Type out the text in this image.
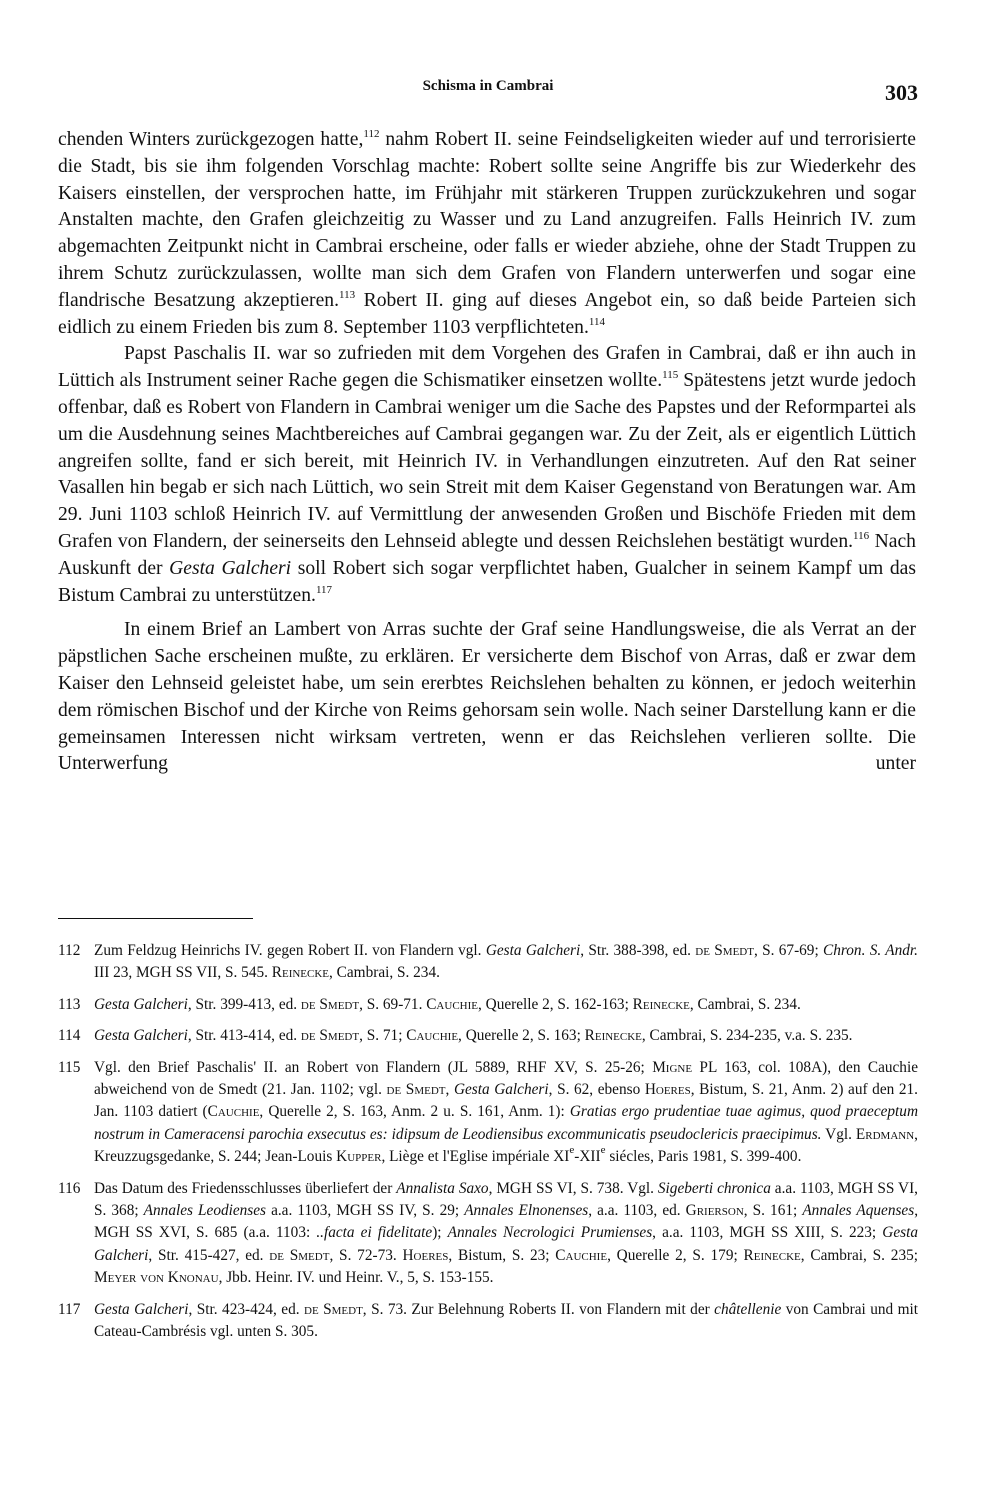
Schisma in Cambrai	303

chenden Winters zurückgezogen hatte,$^{112}$ nahm Robert II. seine Feindseligkeiten wieder auf und terrorisierte die Stadt, bis sie ihm folgenden Vorschlag machte: Robert sollte seine Angriffe bis zur Wiederkehr des Kaisers einstellen, der versprochen hatte, im Frühjahr mit stärkeren Truppen zurückzukehren und sogar Anstalten machte, den Grafen gleichzeitig zu Wasser und zu Land anzugreifen. Falls Heinrich IV. zum abgemachten Zeitpunkt nicht in Cambrai erscheine, oder falls er wieder abziehe, ohne der Stadt Truppen zu ihrem Schutz zurückzulassen, wollte man sich dem Grafen von Flandern unterwerfen und sogar eine flandrische Besatzung akzeptieren.$^{113}$ Robert II. ging auf dieses Angebot ein, so daß beide Parteien sich eidlich zu einem Frieden bis zum 8. September 1103 verpflichteten.$^{114}$

Papst Paschalis II. war so zufrieden mit dem Vorgehen des Grafen in Cambrai, daß er ihn auch in Lüttich als Instrument seiner Rache gegen die Schismatiker einsetzen wollte.$^{115}$ Spätestens jetzt wurde jedoch offenbar, daß es Robert von Flandern in Cambrai weniger um die Sache des Papstes und der Reformpartei als um die Ausdehnung seines Machtbereiches auf Cambrai gegangen war. Zu der Zeit, als er eigentlich Lüttich angreifen sollte, fand er sich bereit, mit Heinrich IV. in Verhandlungen einzutreten. Auf den Rat seiner Vasallen hin begab er sich nach Lüttich, wo sein Streit mit dem Kaiser Gegenstand von Beratungen war. Am 29. Juni 1103 schloß Heinrich IV. auf Vermittlung der anwesenden Großen und Bischöfe Frieden mit dem Grafen von Flandern, der seinerseits den Lehnseid ablegte und dessen Reichslehen bestätigt wurden.$^{116}$ Nach Auskunft der Gesta Galcheri soll Robert sich sogar verpflichtet haben, Gualcher in seinem Kampf um das Bistum Cambrai zu unterstützen.$^{117}$

In einem Brief an Lambert von Arras suchte der Graf seine Handlungsweise, die als Verrat an der päpstlichen Sache erscheinen mußte, zu erklären. Er versicherte dem Bischof von Arras, daß er zwar dem Kaiser den Lehnseid geleistet habe, um sein ererbtes Reichslehen behalten zu können, er jedoch weiterhin dem römischen Bischof und der Kirche von Reims gehorsam sein wolle. Nach seiner Darstellung kann er die gemeinsamen Interessen nicht wirksam vertreten, wenn er das Reichslehen verlieren sollte. Die Unterwerfung unter

112 Zum Feldzug Heinrichs IV. gegen Robert II. von Flandern vgl. Gesta Galcheri, Str. 388-398, ed. de Smedt, S. 67-69; Chron. S. Andr. III 23, MGH SS VII, S. 545. Reinecke, Cambrai, S. 234.
113 Gesta Galcheri, Str. 399-413, ed. de Smedt, S. 69-71. Cauchie, Querelle 2, S. 162-163; Reinecke, Cambrai, S. 234.
114 Gesta Galcheri, Str. 413-414, ed. de Smedt, S. 71; Cauchie, Querelle 2, S. 163; Reinecke, Cambrai, S. 234-235, v.a. S. 235.
115 Vgl. den Brief Paschalis' II. an Robert von Flandern (JL 5889, RHF XV, S. 25-26; Migne PL 163, col. 108A), den Cauchie abweichend von de Smedt (21. Jan. 1102; vgl. de Smedt, Gesta Galcheri, S. 62, ebenso Hoeres, Bistum, S. 21, Anm. 2) auf den 21. Jan. 1103 datiert (Cauchie, Querelle 2, S. 163, Anm. 2 u. S. 161, Anm. 1): Gratias ergo prudentiae tuae agimus, quod praeceptum nostrum in Cameracensi parochia exsecutus es: idipsum de Leodiensibus excommunicatis pseudoclericis praecipimus. Vgl. Erdmann, Kreuzzugsgedanke, S. 244; Jean-Louis Kupper, Liège et l'Eglise impériale XIe-XIIe siécles, Paris 1981, S. 399-400.
116 Das Datum des Friedensschlusses überliefert der Annalista Saxo, MGH SS VI, S. 738. Vgl. Sigeberti chronica a.a. 1103, MGH SS VI, S. 368; Annales Leodienses a.a. 1103, MGH SS IV, S. 29; Annales Elnonenses, a.a. 1103, ed. Grierson, S. 161; Annales Aquenses, MGH SS XVI, S. 685 (a.a. 1103: ..facta ei fidelitate); Annales Necrologici Prumienses, a.a. 1103, MGH SS XIII, S. 223; Gesta Galcheri, Str. 415-427, ed. de Smedt, S. 72-73. Hoeres, Bistum, S. 23; Cauchie, Querelle 2, S. 179; Reinecke, Cambrai, S. 235; Meyer von Knonau, Jbb. Heinr. IV. und Heinr. V., 5, S. 153-155.
117 Gesta Galcheri, Str. 423-424, ed. de Smedt, S. 73. Zur Belehnung Roberts II. von Flandern mit der châtellenie von Cambrai und mit Cateau-Cambrésis vgl. unten S. 305.
